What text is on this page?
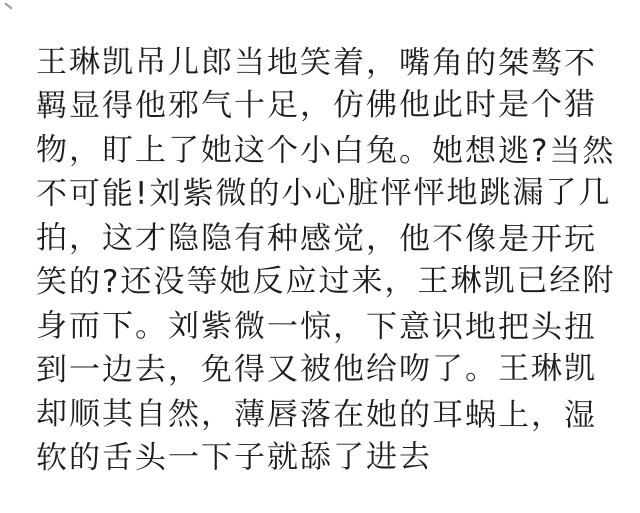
王琳凯吊儿郎当地笑着，嘴角的桀骜不
羁显得他邪气十足，仿佛他此时是个猎
物，盯上了她这个小白兔。她想逃?当然
不可能!刘紫微的小心脏怦怦地跳漏了几
拍，这才隐隐有种感觉，他不像是开玩
笑的?还没等她反应过来，王琳凯已经附
身而下。刘紫微一惊，下意识地把头扭
到一边去，免得又被他给吻了。王琳凯
却顺其自然，薄唇落在她的耳蜗上，湿
软的舌头一下子就舔了进去
